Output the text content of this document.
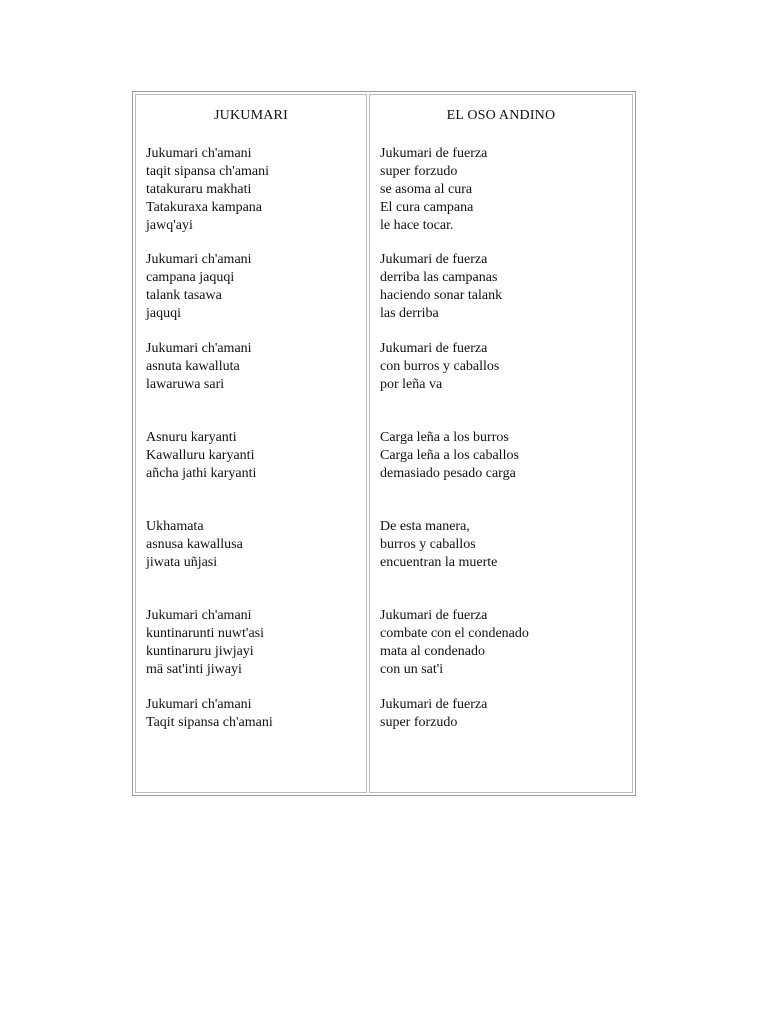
JUKUMARI

Jukumari ch'amani
taqit sipansa ch'amani
tatakuraru makhati
Tatakuraxa kampana
jawq'ayi

Jukumari ch'amani
campana jaquqi
talank tasawa
jaquqi

Jukumari ch'amani
asnuta kawalluta
lawaruwa sari

Asnuru karyanti
Kawalluru karyanti
añcha jathi karyanti

Ukhamata
asnusa kawallusa
jiwata uñjasi

Jukumari ch'amani
kuntinarunti nuwt'asi
kuntinaruru jiwjayi
mä sat'inti jiwayi

Jukumari ch'amani
Taqit sipansa ch'amani

EL OSO ANDINO

Jukumari de fuerza
super forzudo
se asoma al cura
El cura campana
le hace tocar.

Jukumari de fuerza
derriba las campanas
haciendo sonar talank
las derriba

Jukumari de fuerza
con burros y caballos
por leña va

Carga leña a los burros
Carga leña a los caballos
demasiado pesado carga

De esta manera,
burros y caballos
encuentran la muerte

Jukumari de fuerza
combate con el condenado
mata al condenado
con un sat'i

Jukumari de fuerza
super forzudo
